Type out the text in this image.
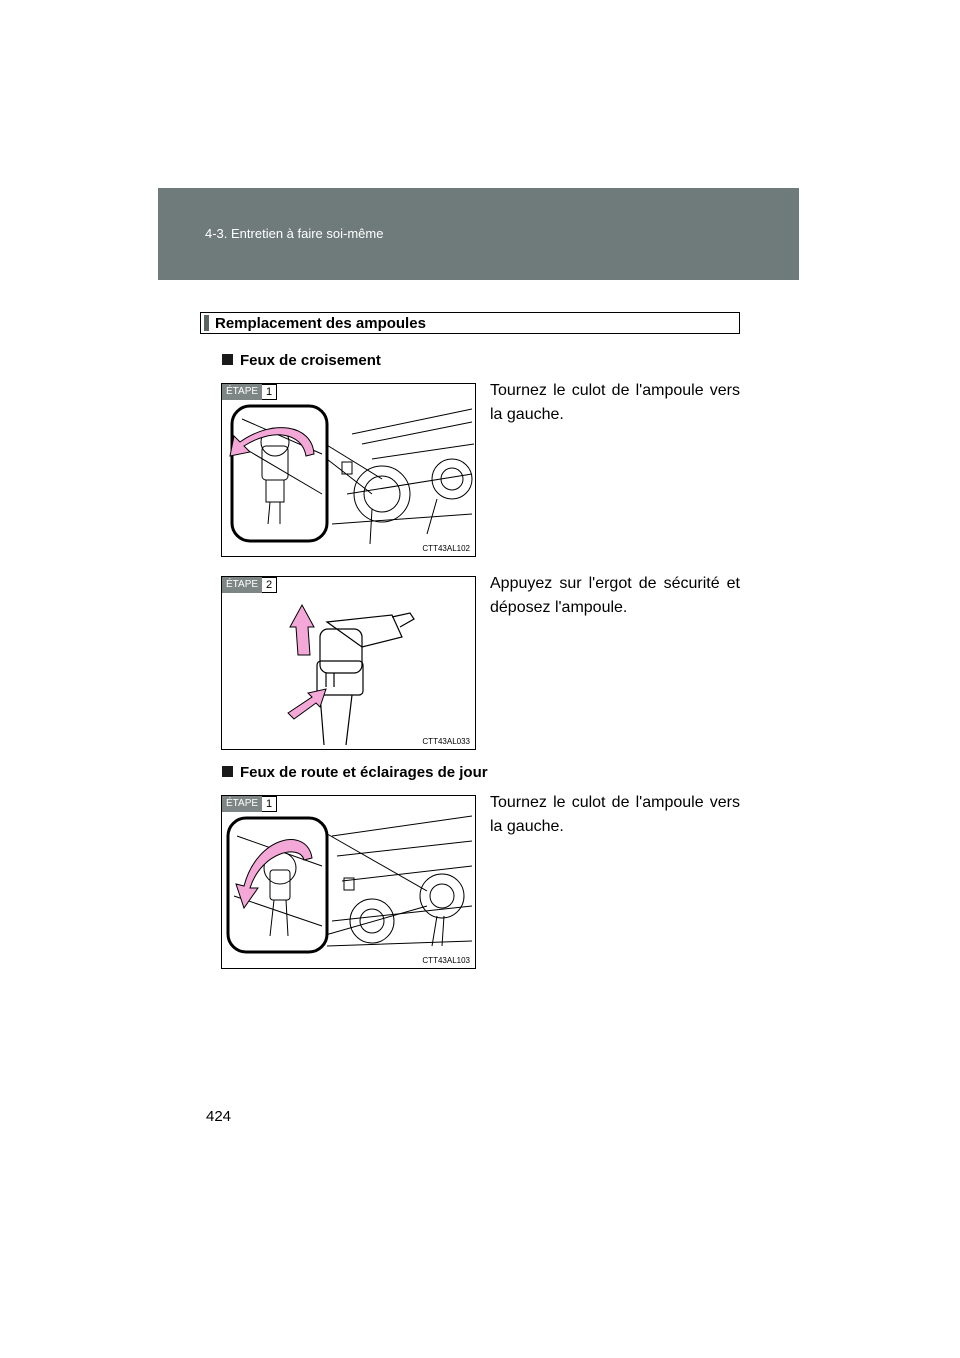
4-3. Entretien à faire soi-même
Remplacement des ampoules
Feux de croisement
ÉTAPE 1
CTT43AL102
Tournez le culot de l'ampoule vers la gauche.
ÉTAPE 2
CTT43AL033
Appuyez sur l'ergot de sécurité et déposez l'ampoule.
Feux de route et éclairages de jour
ÉTAPE 1
CTT43AL103
Tournez le culot de l'ampoule vers la gauche.
424
